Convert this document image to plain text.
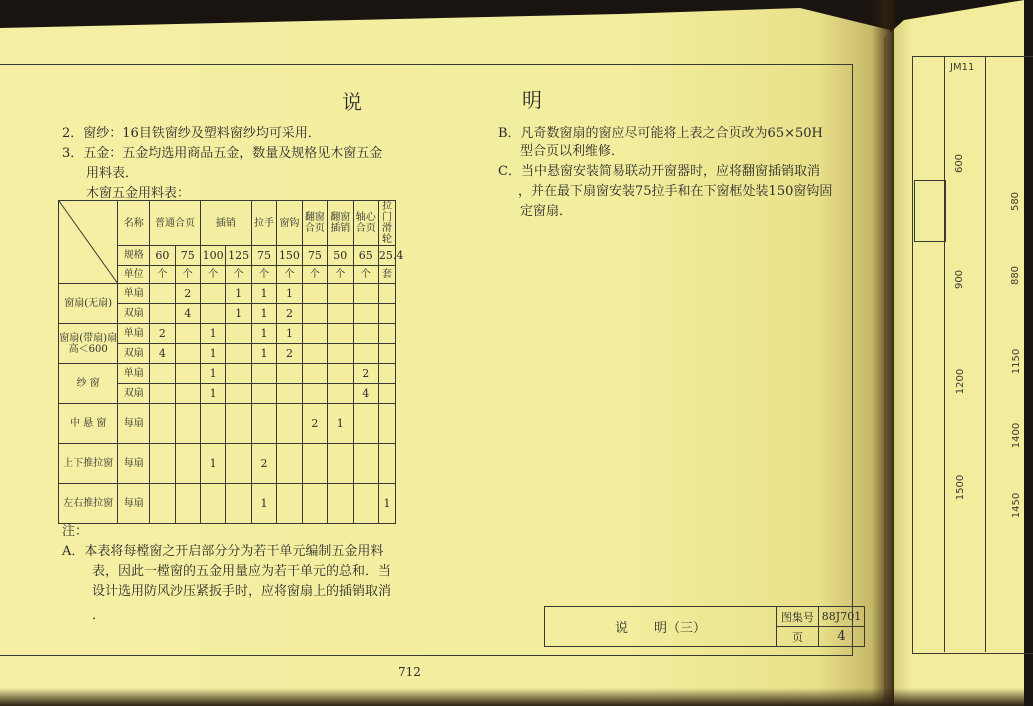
说	明
2．窗纱：16目铁窗纱及塑料窗纱均可采用．
3．五金：五金均选用商品五金，数量及规格见木窗五金
用料表．
木窗五金用料表：
	名称	普通合页		插销		拉手	窗钩	翻窗合页	翻窗插销	轴心合页	拉门滑轮
	规格	60	75	100	125	75	150	75	50	65	25.4
	单位	个	个	个	个	个	个	个	个	个	套
窗扇(无扇)	单扇		2		1	1	1				
	双扇		4		1	1	2				
窗扇(带扇)扇高＜600	单扇	2		1		1	1				
	双扇	4		1		1	2				
纱 窗	单扇			1						2	
	双扇			1						4	
中 悬 窗	每扇							2	1		
上下推拉窗	每扇			1		2					
左右推拉窗	每扇					1					1
注：
A．本表将每樘窗之开启部分分为若干单元编制五金用料
表，因此一樘窗的五金用量应为若干单元的总和．当
设计选用防风沙压紧扳手时，应将窗扇上的插销取消
．
B．凡奇数窗扇的窗应尽可能将上表之合页改为65×50H
型合页以利维修．
C．当中悬窗安装简易联动开窗器时，应将翻窗插销取消
，并在最下扇窗安装75拉手和在下窗框处装150窗钩固
定窗扇．
说　　明（三）	图集号	88J701
	页	4
712
JM11
600
900
1200
1500
580
880
1150
1400
1450
